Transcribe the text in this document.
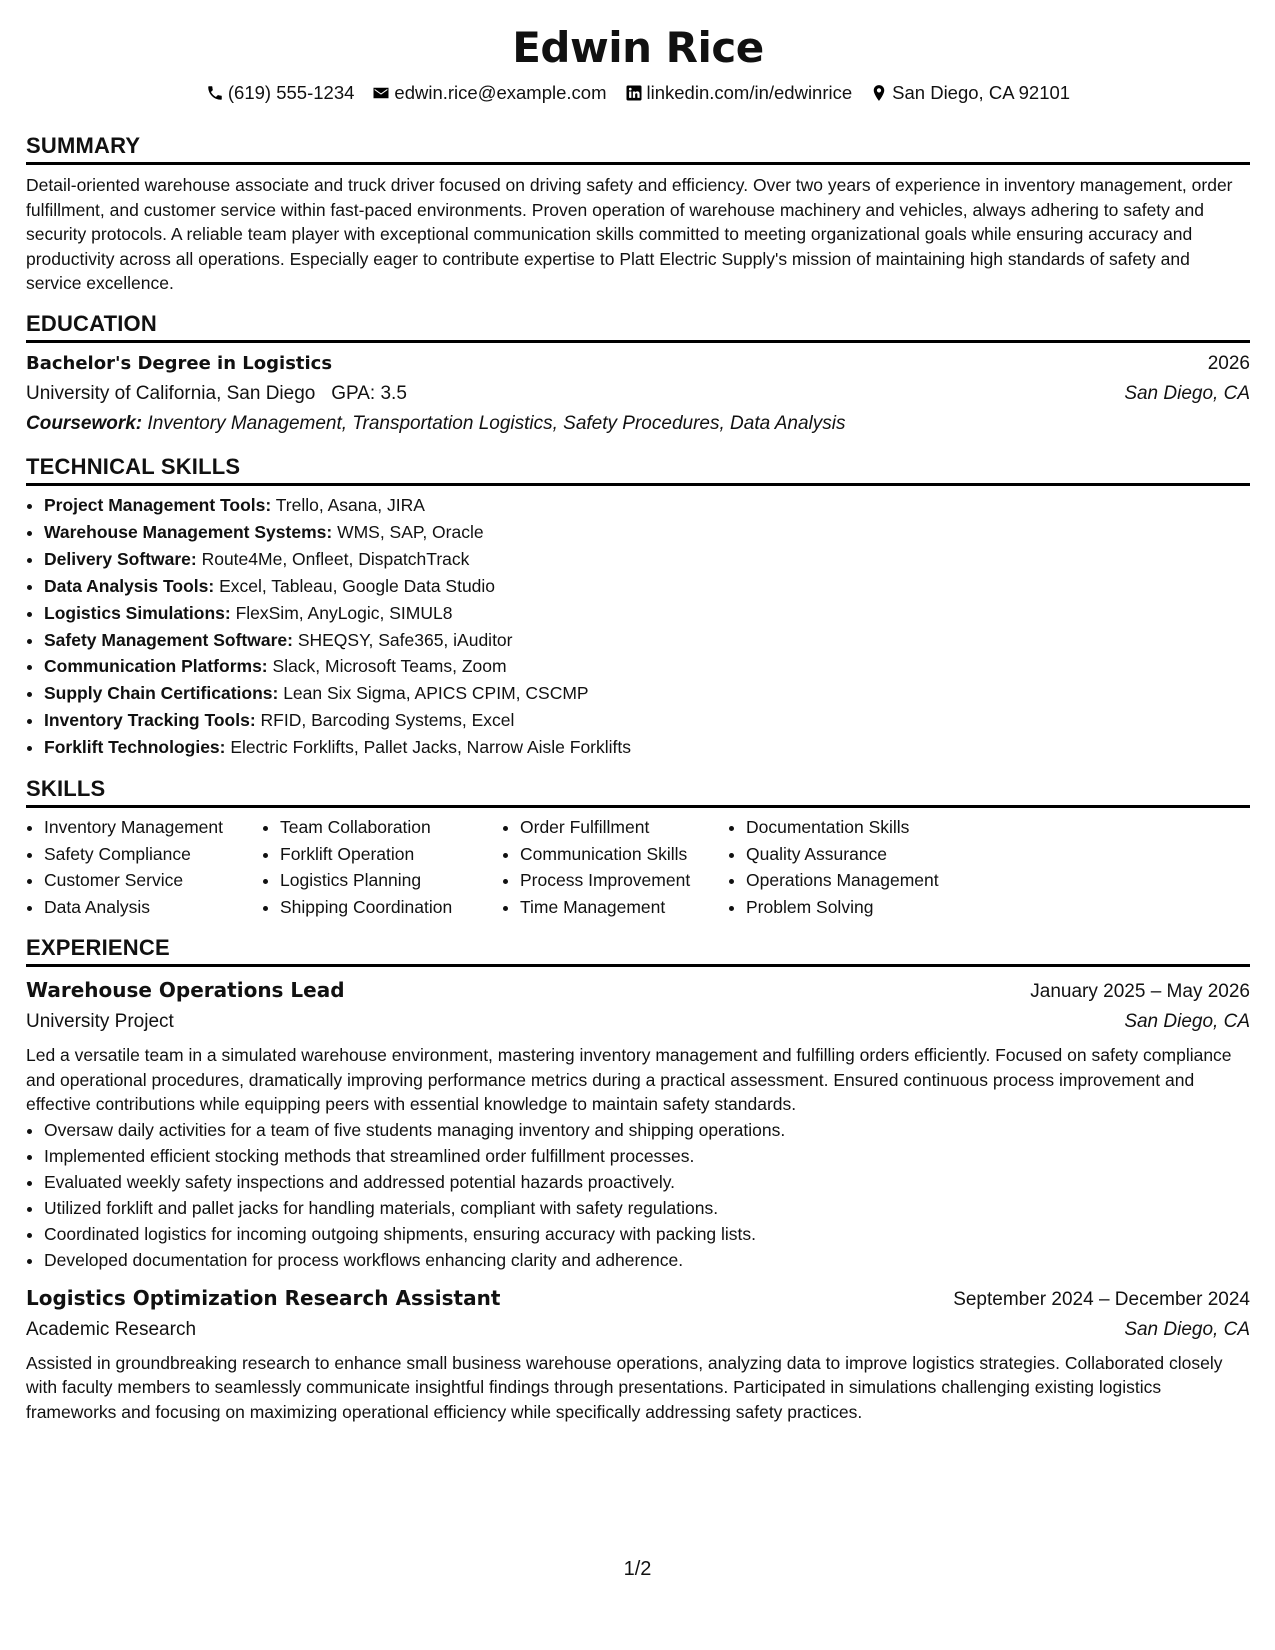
Edwin Rice
(619) 555-1234 edwin.rice@example.com linkedin.com/in/edwinrice San Diego, CA 92101
SUMMARY
Detail-oriented warehouse associate and truck driver focused on driving safety and efficiency. Over two years of experience in inventory management, order fulfillment, and customer service within fast-paced environments. Proven operation of warehouse machinery and vehicles, always adhering to safety and security protocols. A reliable team player with exceptional communication skills committed to meeting organizational goals while ensuring accuracy and productivity across all operations. Especially eager to contribute expertise to Platt Electric Supply's mission of maintaining high standards of safety and service excellence.
EDUCATION
Bachelor's Degree in Logistics	2026
University of California, San Diego GPA: 3.5	San Diego, CA
Coursework: Inventory Management, Transportation Logistics, Safety Procedures, Data Analysis
TECHNICAL SKILLS
• Project Management Tools: Trello, Asana, JIRA
• Warehouse Management Systems: WMS, SAP, Oracle
• Delivery Software: Route4Me, Onfleet, DispatchTrack
• Data Analysis Tools: Excel, Tableau, Google Data Studio
• Logistics Simulations: FlexSim, AnyLogic, SIMUL8
• Safety Management Software: SHEQSY, Safe365, iAuditor
• Communication Platforms: Slack, Microsoft Teams, Zoom
• Supply Chain Certifications: Lean Six Sigma, APICS CPIM, CSCMP
• Inventory Tracking Tools: RFID, Barcoding Systems, Excel
• Forklift Technologies: Electric Forklifts, Pallet Jacks, Narrow Aisle Forklifts
SKILLS
• Inventory Management
• Safety Compliance
• Customer Service
• Data Analysis
• Team Collaboration
• Forklift Operation
• Logistics Planning
• Shipping Coordination
• Order Fulfillment
• Communication Skills
• Process Improvement
• Time Management
• Documentation Skills
• Quality Assurance
• Operations Management
• Problem Solving
EXPERIENCE
Warehouse Operations Lead	January 2025 – May 2026
University Project	San Diego, CA
Led a versatile team in a simulated warehouse environment, mastering inventory management and fulfilling orders efficiently. Focused on safety compliance and operational procedures, dramatically improving performance metrics during a practical assessment. Ensured continuous process improvement and effective contributions while equipping peers with essential knowledge to maintain safety standards.
• Oversaw daily activities for a team of five students managing inventory and shipping operations.
• Implemented efficient stocking methods that streamlined order fulfillment processes.
• Evaluated weekly safety inspections and addressed potential hazards proactively.
• Utilized forklift and pallet jacks for handling materials, compliant with safety regulations.
• Coordinated logistics for incoming outgoing shipments, ensuring accuracy with packing lists.
• Developed documentation for process workflows enhancing clarity and adherence.
Logistics Optimization Research Assistant	September 2024 – December 2024
Academic Research	San Diego, CA
Assisted in groundbreaking research to enhance small business warehouse operations, analyzing data to improve logistics strategies. Collaborated closely with faculty members to seamlessly communicate insightful findings through presentations. Participated in simulations challenging existing logistics frameworks and focusing on maximizing operational efficiency while specifically addressing safety practices.
1/2
